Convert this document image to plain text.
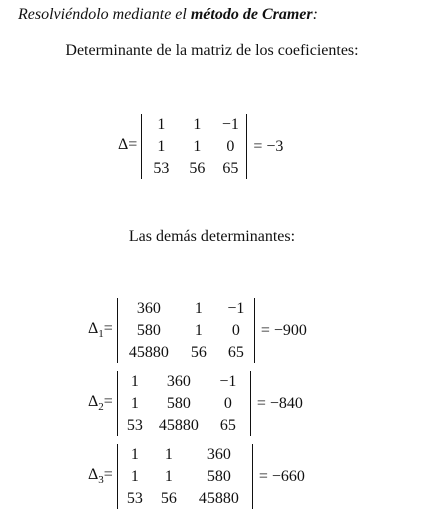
Resolviéndolo mediante el método de Cramer:
Determinante de la matriz de los coeficientes:
Δ=
1	1	−1
1	1	0
53	56	65
= −3
Las demás determinantes:
$\Delta_1=$
360	1	−1
580	1	0
45880	56	65
= −900
$\Delta_2=$
1	360	−1
1	580	0
53	45880	65
= −840
$\Delta_3=$
1	1	360
1	1	580
53	56	45880
= −660
